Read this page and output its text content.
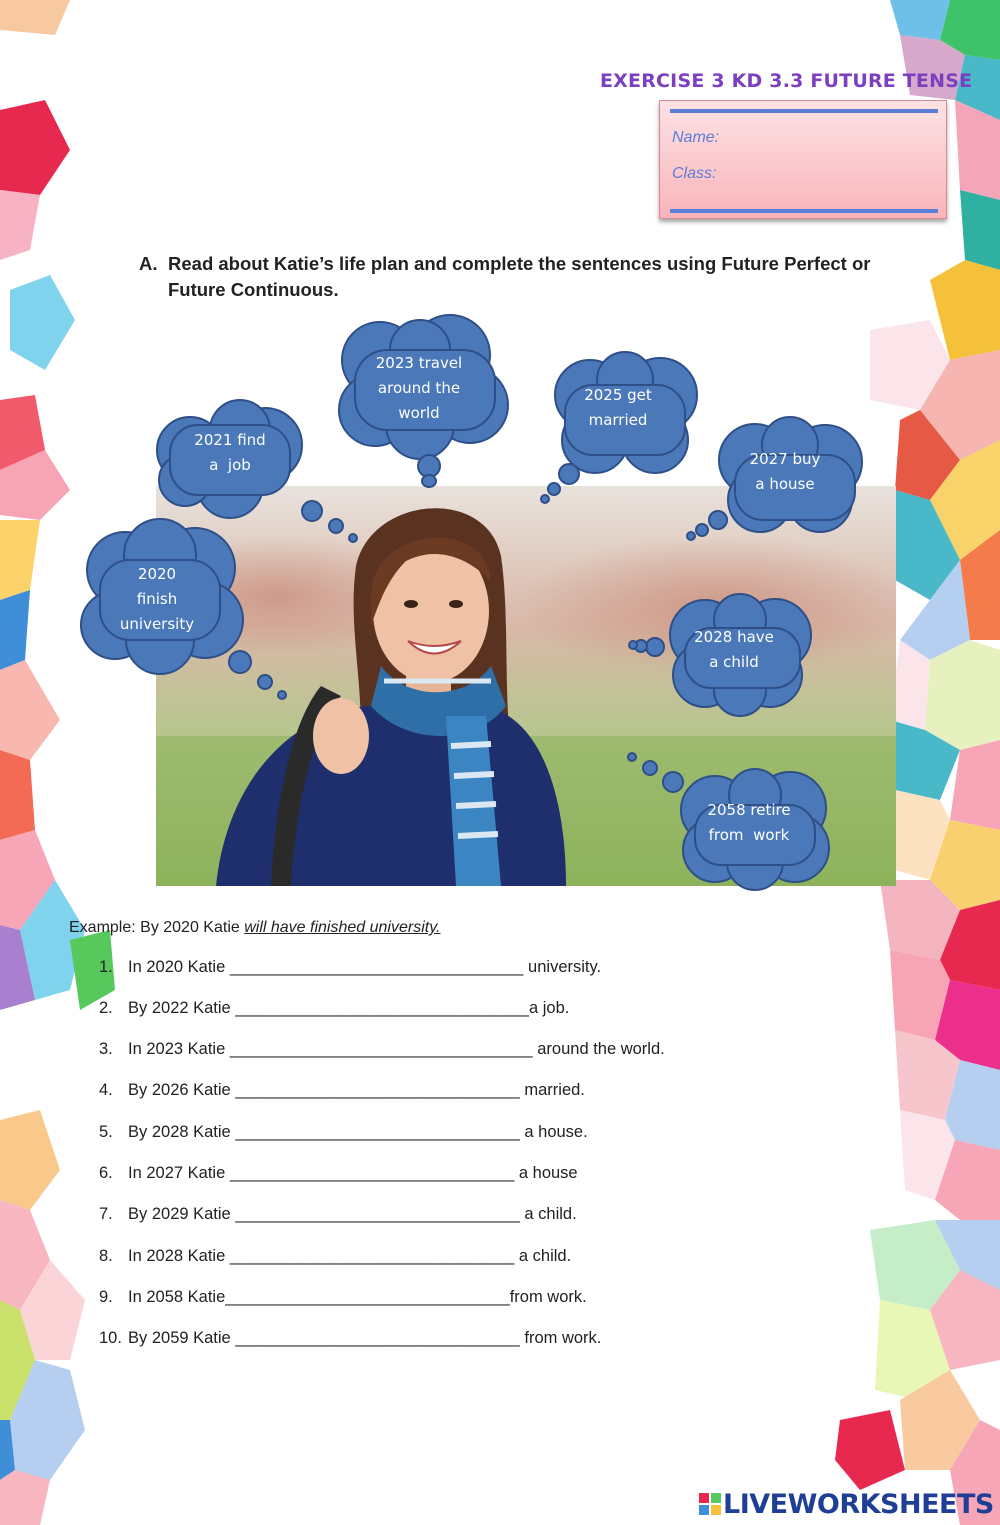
EXERCISE 3 KD 3.3 FUTURE TENSE
Name:
Class:
A. Read about Katie’s life plan and complete the sentences using Future Perfect or Future Continuous.
2020
finish
university
2021 find
a  job
2023 travel
around the
world
2025 get
married
2027 buy
a house
2028 have
a child
2058 retire
from  work
Example: By 2020 Katie will have finished university.
1. In 2020 Katie ________________________________ university.
2. By 2022 Katie ________________________________a job.
3. In 2023 Katie _________________________________ around the world.
4. By 2026 Katie _______________________________ married.
5. By 2028 Katie _______________________________ a house.
6. In 2027 Katie _______________________________ a house
7. By 2029 Katie _______________________________ a child.
8. In 2028 Katie _______________________________ a child.
9. In 2058 Katie_______________________________from work.
10. By 2059 Katie _______________________________ from work.
LIVEWORKSHEETS
